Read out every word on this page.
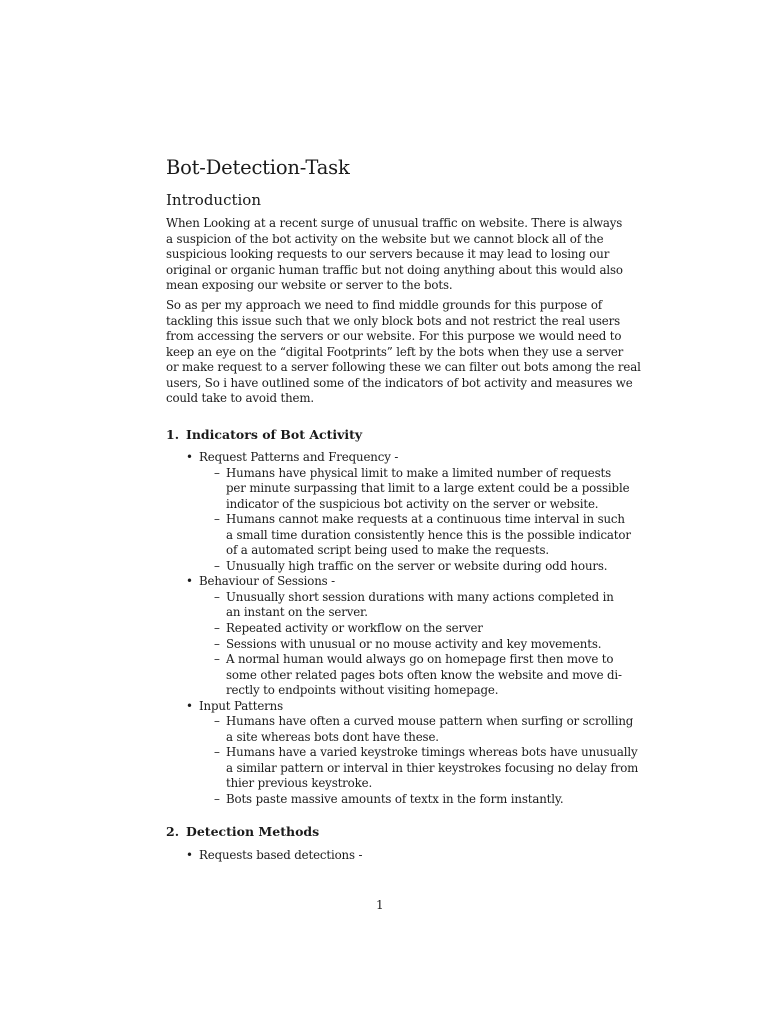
Bot-Detection-Task
Introduction
When Looking at a recent surge of unusual traffic on website. There is always
a suspicion of the bot activity on the website but we cannot block all of the
suspicious looking requests to our servers because it may lead to losing our
original or organic human traffic but not doing anything about this would also
mean exposing our website or server to the bots.
So as per my approach we need to find middle grounds for this purpose of
tackling this issue such that we only block bots and not restrict the real users
from accessing the servers or our website. For this purpose we would need to
keep an eye on the “digital Footprints” left by the bots when they use a server
or make request to a server following these we can filter out bots among the real
users, So i have outlined some of the indicators of bot activity and measures we
could take to avoid them.
1. Indicators of Bot Activity
• Request Patterns and Frequency -
– Humans have physical limit to make a limited number of requests
per minute surpassing that limit to a large extent could be a possible
indicator of the suspicious bot activity on the server or website.
– Humans cannot make requests at a continuous time interval in such
a small time duration consistently hence this is the possible indicator
of a automated script being used to make the requests.
– Unusually high traffic on the server or website during odd hours.
• Behaviour of Sessions -
– Unusually short session durations with many actions completed in
an instant on the server.
– Repeated activity or workflow on the server
– Sessions with unusual or no mouse activity and key movements.
– A normal human would always go on homepage first then move to
some other related pages bots often know the website and move di-
rectly to endpoints without visiting homepage.
• Input Patterns
– Humans have often a curved mouse pattern when surfing or scrolling
a site whereas bots dont have these.
– Humans have a varied keystroke timings whereas bots have unusually
a similar pattern or interval in thier keystrokes focusing no delay from
thier previous keystroke.
– Bots paste massive amounts of textx in the form instantly.
2. Detection Methods
• Requests based detections -
1
